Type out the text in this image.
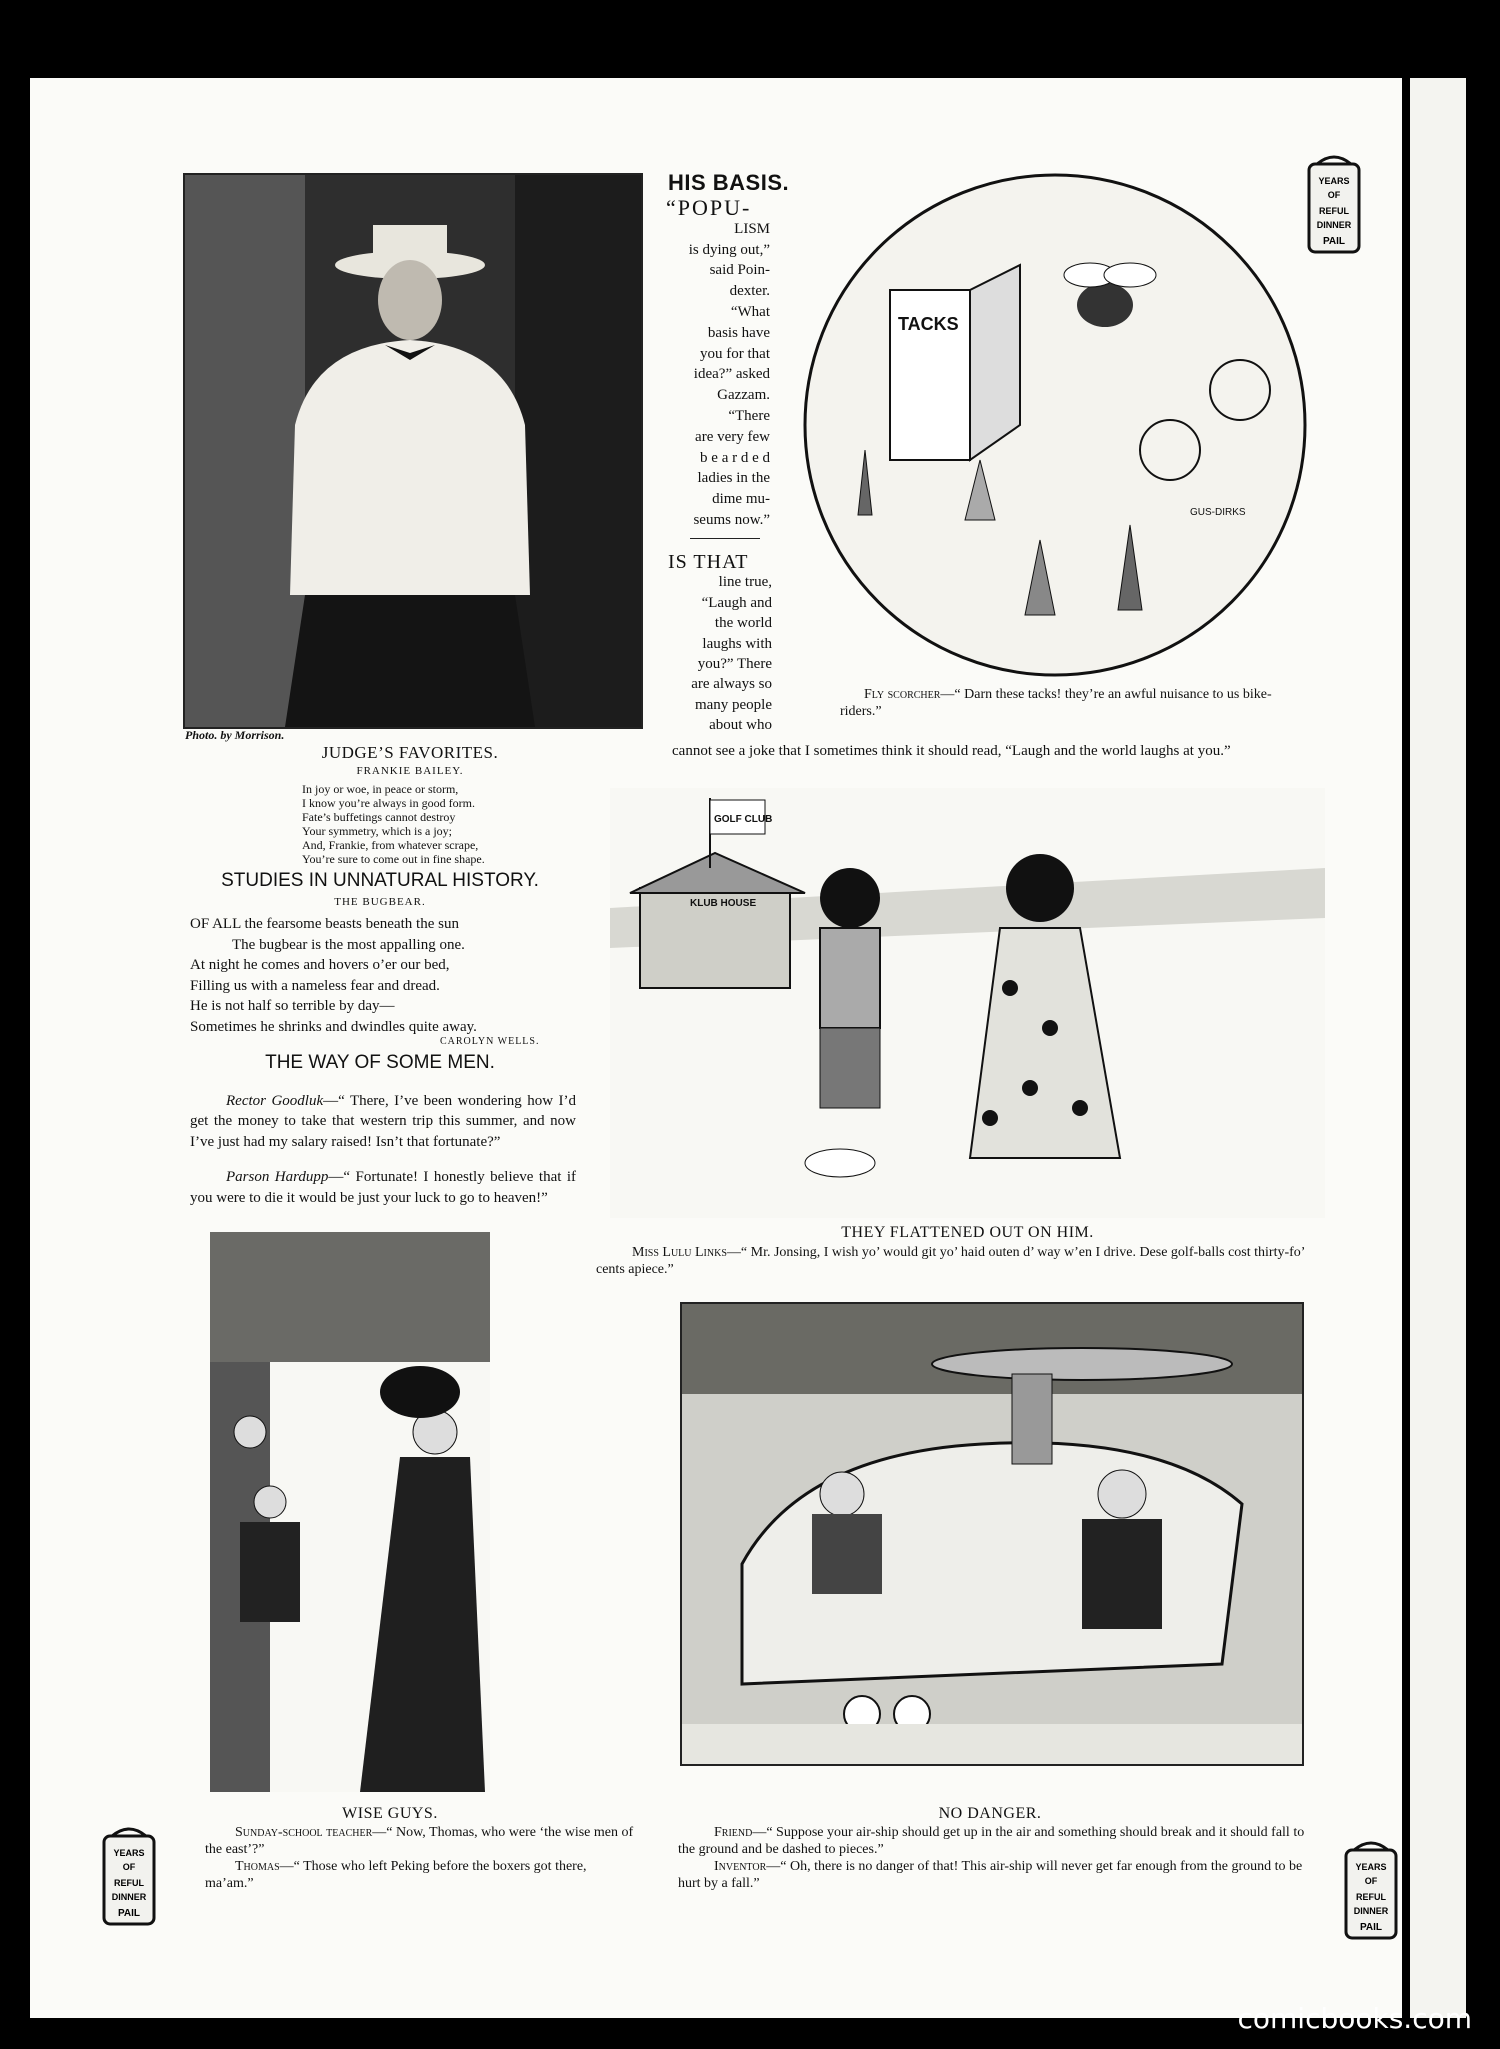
Photo. by Morrison.
JUDGE’S FAVORITES.
FRANKIE BAILEY.
In joy or woe, in peace or storm,
I know you’re always in good form.
Fate’s buffetings cannot destroy
Your symmetry, which is a joy;
And, Frankie, from whatever scrape,
You’re sure to come out in fine shape.
HIS BASIS.
“POPU-
LISM
is dying out,”
said Poin-
dexter.
“What
basis have
you for that
idea?” asked
Gazzam.
“There
are very few
b e a r d e d
ladies in the
dime mu-
seums now.”
IS THAT
line true,
“Laugh and
the world
laughs with
you?” There
are always so
many people
about who
cannot see a joke that I sometimes think it should read, “Laugh and the world laughs at you.”
TACKS
GUS-DIRKS
Fly scorcher—“ Darn these tacks! they’re an awful nuisance to us bike-riders.”
STUDIES IN UNNATURAL HISTORY.
THE BUGBEAR.
OF ALL the fearsome beasts beneath the sun
The bugbear is the most appalling one.
At night he comes and hovers o’er our bed,
Filling us with a nameless fear and dread.
He is not half so terrible by day—
Sometimes he shrinks and dwindles quite away.
CAROLYN WELLS.
THE WAY OF SOME MEN.

Rector Goodluk—“ There, I’ve been wondering how I’d get the money to take that western trip this summer, and now I’ve just had my salary raised! Isn’t that fortunate?”

Parson Hardupp—“ Fortunate! I honestly believe that if you were to die it would be just your luck to go to heaven!”

GOLF CLUB
KLUB HOUSE
THEY FLATTENED OUT ON HIM.
Miss Lulu Links—“ Mr. Jonsing, I wish yo’ would git yo’ haid outen d’ way w’en I drive. Dese golf-balls cost thirty-fo’ cents apiece.”
WISE GUYS.

Sunday-school teacher—“ Now, Thomas, who were ‘the wise men of the east’?”

Thomas—“ Those who left Peking before the boxers got there, ma’am.”

NO DANGER.

Friend—“ Suppose your air-ship should get up in the air and something should break and it should fall to the ground and be dashed to pieces.”

Inventor—“ Oh, there is no danger of that! This air-ship will never get far enough from the ground to be hurt by a fall.”

YEARS
OF
REFUL
DINNER
PAIL
YEARS
OF
REFUL
DINNER
PAIL
YEARS
OF
REFUL
DINNER
PAIL
comicbooks.com
